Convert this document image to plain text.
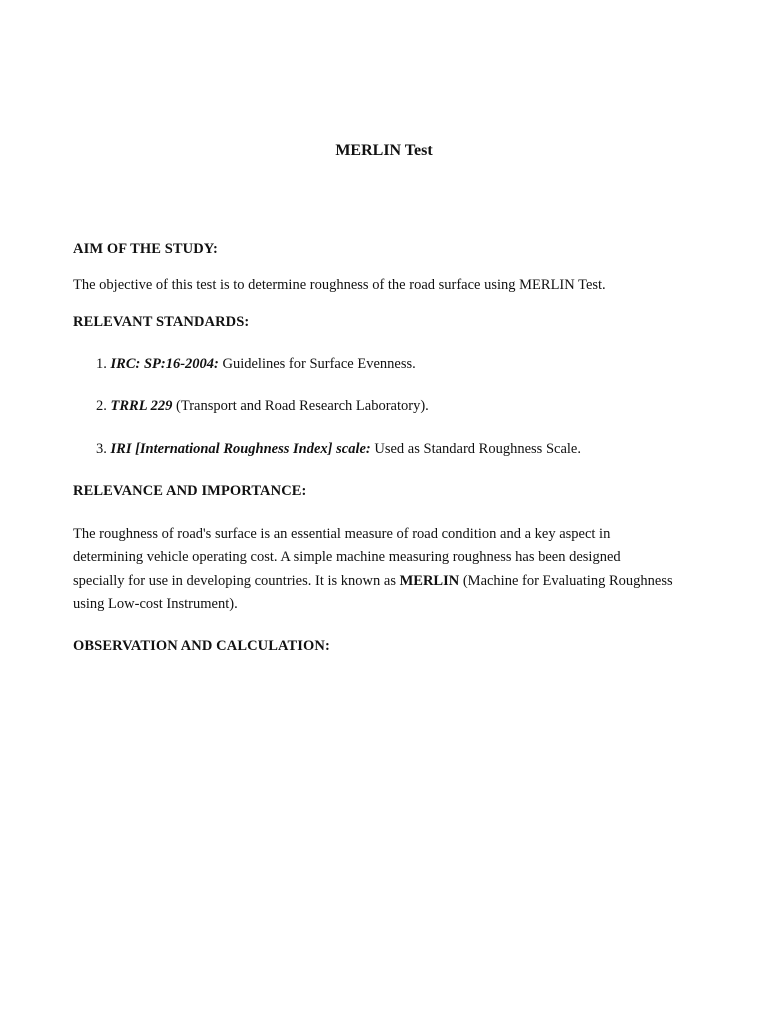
MERLIN Test
AIM OF THE STUDY:
The objective of this test is to determine roughness of the road surface using MERLIN Test.
RELEVANT STANDARDS:
1. IRC: SP:16-2004: Guidelines for Surface Evenness.
2. TRRL 229 (Transport and Road Research Laboratory).
3. IRI [International Roughness Index] scale: Used as Standard Roughness Scale.
RELEVANCE AND IMPORTANCE:
The roughness of road's surface is an essential measure of road condition and a key aspect in determining vehicle operating cost. A simple machine measuring roughness has been designed specially for use in developing countries. It is known as MERLIN (Machine for Evaluating Roughness using Low-cost Instrument).
OBSERVATION AND CALCULATION:
